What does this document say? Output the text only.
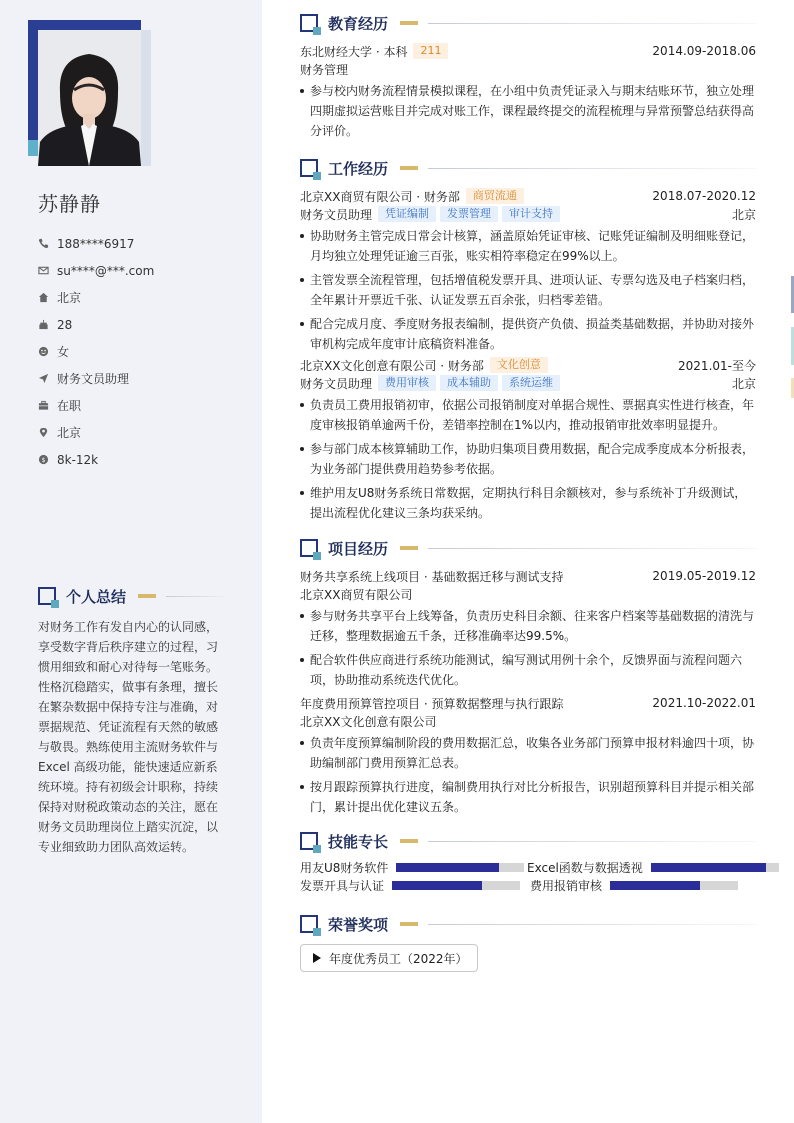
苏静静
188****6917
su****@***.com
北京
28
女
财务文员助理
在职
北京
$ 8k-12k
个人总结
对财务工作有发自内心的认同感，
享受数字背后秩序建立的过程，习
惯用细致和耐心对待每一笔账务。
性格沉稳踏实，做事有条理，擅长
在繁杂数据中保持专注与准确，对
票据规范、凭证流程有天然的敏感
与敬畏。熟练使用主流财务软件与
Excel 高级功能，能快速适应新系
统环境。持有初级会计职称，持续
保持对财税政策动态的关注，愿在
财务文员助理岗位上踏实沉淀，以
专业细致助力团队高效运转。
教育经历
东北财经大学 · 本科	211	2014.09-2018.06
财务管理
参与校内财务流程情景模拟课程，在小组中负责凭证录入与期末结账环节，独立处理四期虚拟运营账目并完成对账工作，课程最终提交的流程梳理与异常预警总结获得高分评价。
工作经历
北京XX商贸有限公司 · 财务部	商贸流通	2018.07-2020.12
财务文员助理	凭证编制	发票管理	审计支持	北京
协助财务主管完成日常会计核算，涵盖原始凭证审核、记账凭证编制及明细账登记，月均独立处理凭证逾三百张，账实相符率稳定在99%以上。
主管发票全流程管理，包括增值税发票开具、进项认证、专票勾选及电子档案归档，全年累计开票近千张、认证发票五百余张，归档零差错。
配合完成月度、季度财务报表编制，提供资产负债、损益类基础数据，并协助对接外审机构完成年度审计底稿资料准备。
北京XX文化创意有限公司 · 财务部	文化创意	2021.01-至今
财务文员助理	费用审核	成本辅助	系统运维	北京
负责员工费用报销初审，依据公司报销制度对单据合规性、票据真实性进行核查，年度审核报销单逾两千份，差错率控制在1%以内，推动报销审批效率明显提升。
参与部门成本核算辅助工作，协助归集项目费用数据，配合完成季度成本分析报表，为业务部门提供费用趋势参考依据。
维护用友U8财务系统日常数据，定期执行科目余额核对，参与系统补丁升级测试，提出流程优化建议三条均获采纳。
项目经历
财务共享系统上线项目 · 基础数据迁移与测试支持	2019.05-2019.12
北京XX商贸有限公司
参与财务共享平台上线筹备，负责历史科目余额、往来客户档案等基础数据的清洗与迁移，整理数据逾五千条，迁移准确率达99.5%。
配合软件供应商进行系统功能测试，编写测试用例十余个，反馈界面与流程问题六项，协助推动系统迭代优化。
年度费用预算管控项目 · 预算数据整理与执行跟踪	2021.10-2022.01
北京XX文化创意有限公司
负责年度预算编制阶段的费用数据汇总，收集各业务部门预算申报材料逾四十项，协助编制部门费用预算汇总表。
按月跟踪预算执行进度，编制费用执行对比分析报告，识别超预算科目并提示相关部门，累计提出优化建议五条。
技能专长
用友U8财务软件	Excel函数与数据透视
发票开具与认证	费用报销审核
荣誉奖项
年度优秀员工（2022年）
